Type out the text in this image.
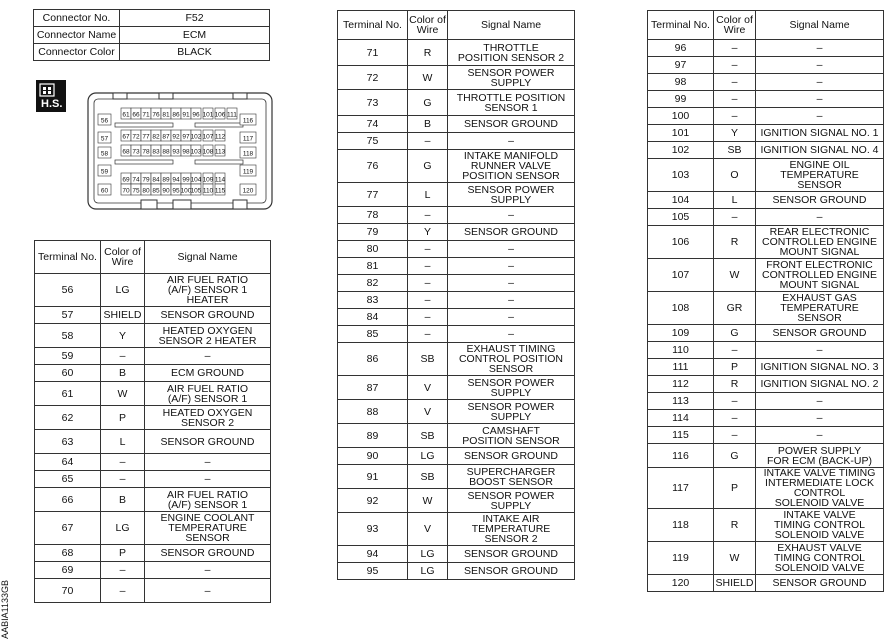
Connector No.	F52
Connector Name	ECM
Connector Color	BLACK
H.S.
61 66 71 76 81 86 91 96 101 106 111
67 72 77 82 87 92 97 102 107 112
68 73 78 83 88 93 98 103 108 113
69 74 79 84 89 94 99 104 109 114
70 75 80 85 90 95 100 105 110 115
56
57
58
59
60
116
117
118
119
120
Terminal No.	Color of Wire	Signal Name
56	LG	AIR FUEL RATIO
(A/F) SENSOR 1
HEATER
57	SHIELD	SENSOR GROUND
58	Y	HEATED OXYGEN
SENSOR 2 HEATER
59	–	–
60	B	ECM GROUND
61	W	AIR FUEL RATIO
(A/F) SENSOR 1
62	P	HEATED OXYGEN
SENSOR 2
63	L	SENSOR GROUND
64	–	–
65	–	–
66	B	AIR FUEL RATIO
(A/F) SENSOR 1
67	LG	ENGINE COOLANT
TEMPERATURE
SENSOR
68	P	SENSOR GROUND
69	–	–
70	–	–
Terminal No.	Color of Wire	Signal Name
71	R	THROTTLE
POSITION SENSOR 2
72	W	SENSOR POWER
SUPPLY
73	G	THROTTLE POSITION
SENSOR 1
74	B	SENSOR GROUND
75	–	–
76	G	INTAKE MANIFOLD
RUNNER VALVE
POSITION SENSOR
77	L	SENSOR POWER
SUPPLY
78	–	–
79	Y	SENSOR GROUND
80	–	–
81	–	–
82	–	–
83	–	–
84	–	–
85	–	–
86	SB	EXHAUST TIMING
CONTROL POSITION
SENSOR
87	V	SENSOR POWER
SUPPLY
88	V	SENSOR POWER
SUPPLY
89	SB	CAMSHAFT
POSITION SENSOR
90	LG	SENSOR GROUND
91	SB	SUPERCHARGER
BOOST SENSOR
92	W	SENSOR POWER
SUPPLY
93	V	INTAKE AIR
TEMPERATURE
SENSOR 2
94	LG	SENSOR GROUND
95	LG	SENSOR GROUND
Terminal No.	Color of Wire	Signal Name
96	–	–
97	–	–
98	–	–
99	–	–
100	–	–
101	Y	IGNITION SIGNAL NO. 1
102	SB	IGNITION SIGNAL NO. 4
103	O	ENGINE OIL
TEMPERATURE
SENSOR
104	L	SENSOR GROUND
105	–	–
106	R	REAR ELECTRONIC
CONTROLLED ENGINE
MOUNT SIGNAL
107	W	FRONT ELECTRONIC
CONTROLLED ENGINE
MOUNT SIGNAL
108	GR	EXHAUST GAS
TEMPERATURE
SENSOR
109	G	SENSOR GROUND
110	–	–
111	P	IGNITION SIGNAL NO. 3
112	R	IGNITION SIGNAL NO. 2
113	–	–
114	–	–
115	–	–
116	G	POWER SUPPLY
FOR ECM (BACK-UP)
117	P	INTAKE VALVE TIMING
INTERMEDIATE LOCK
CONTROL
SOLENOID VALVE
118	R	INTAKE VALVE
TIMING CONTROL
SOLENOID VALVE
119	W	EXHAUST VALVE
TIMING CONTROL
SOLENOID VALVE
120	SHIELD	SENSOR GROUND
AABIA1133GB
